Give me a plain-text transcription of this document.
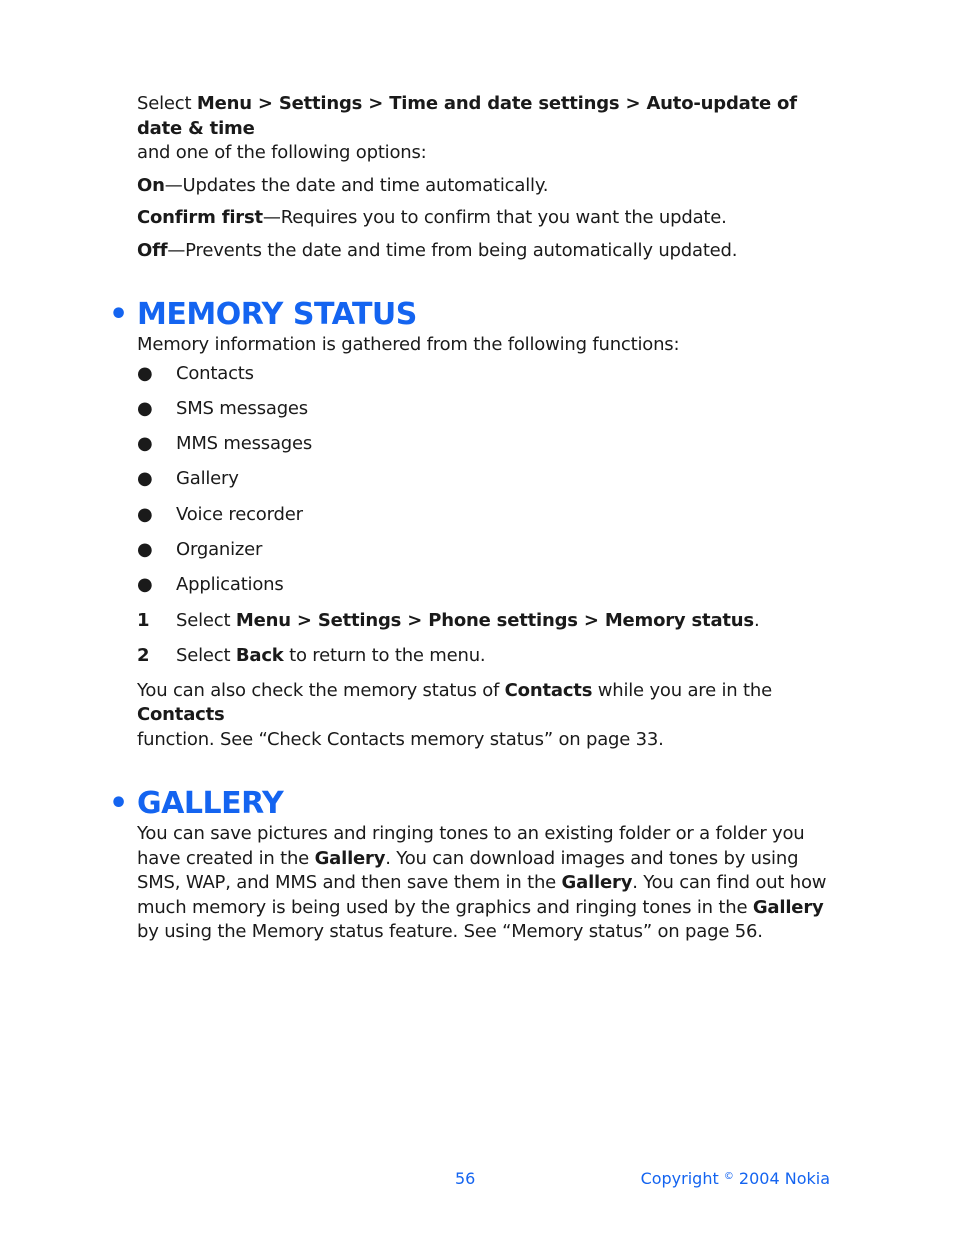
Select Menu > Settings > Time and date settings > Auto-update of date & time
and one of the following options:

On—Updates the date and time automatically.

Confirm first—Requires you to confirm that you want the update.

Off—Prevents the date and time from being automatically updated.

• MEMORY STATUS

Memory information is gathered from the following functions:

● Contacts
● SMS messages
● MMS messages
● Gallery
● Voice recorder
● Organizer
● Applications
1 Select Menu > Settings > Phone settings > Memory status.
2 Select Back to return to the menu.

You can also check the memory status of Contacts while you are in the Contacts
function. See “Check Contacts memory status” on page 33.

• GALLERY

You can save pictures and ringing tones to an existing folder or a folder you have created in the Gallery. You can download images and tones by using SMS, WAP, and MMS and then save them in the Gallery. You can find out how much memory is being used by the graphics and ringing tones in the Gallery by using the Memory status feature. See “Memory status” on page 56.

56	Copyright © 2004 Nokia
